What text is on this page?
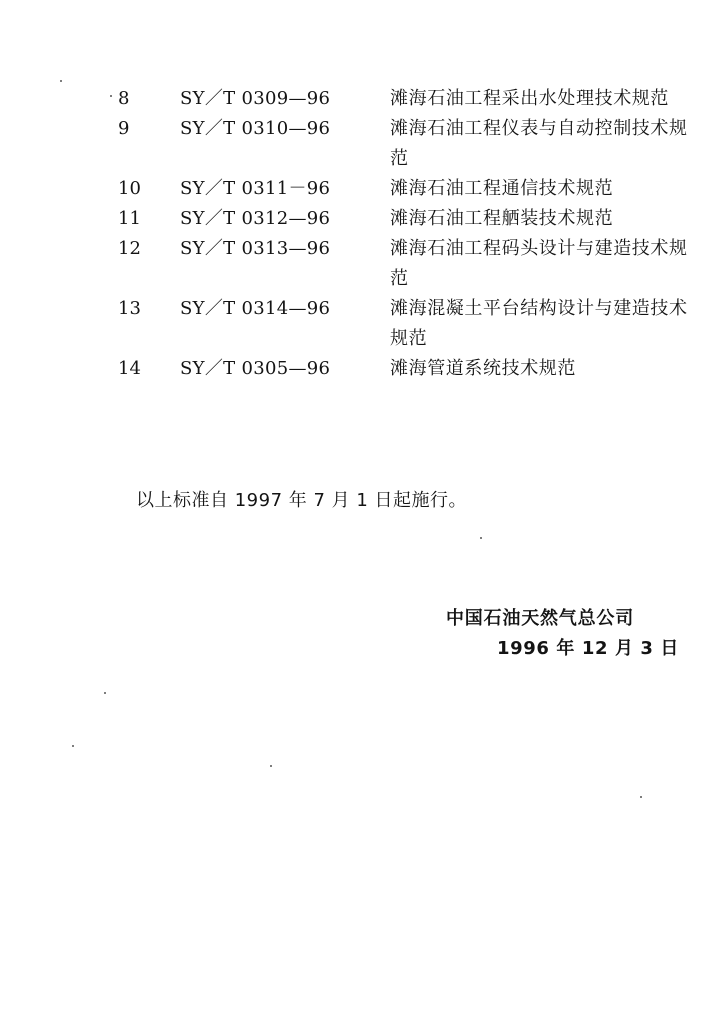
8	SY／T 0309—96	滩海石油工程采出水处理技术规范
9	SY／T 0310—96	滩海石油工程仪表与自动控制技术规范
10	SY／T 0311－96	滩海石油工程通信技术规范
11	SY／T 0312—96	滩海石油工程舾装技术规范
12	SY／T 0313—96	滩海石油工程码头设计与建造技术规范
13	SY／T 0314—96	滩海混凝土平台结构设计与建造技术规范
14	SY／T 0305—96	滩海管道系统技术规范
以上标准自 1997 年 7 月 1 日起施行。
中国石油天然气总公司
1996 年 12 月 3 日
